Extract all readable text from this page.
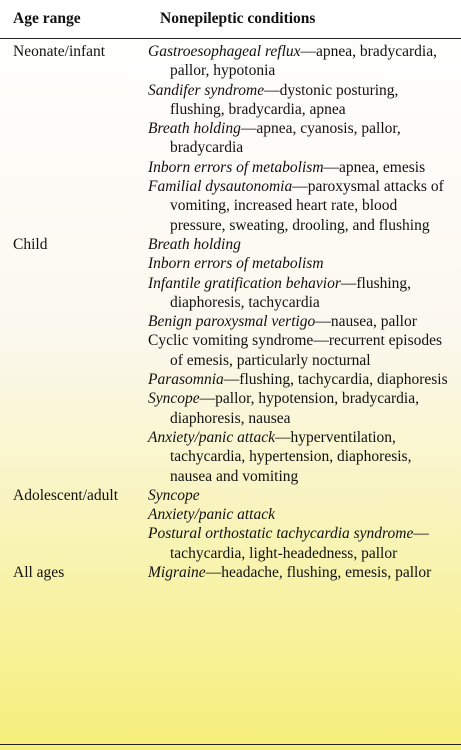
Age range	Nonepileptic conditions
Neonate/infant	Gastroesophageal reflux—apnea, bradycardia, pallor, hypotonia
Sandifer syndrome—dystonic posturing, flushing, bradycardia, apnea
Breath holding—apnea, cyanosis, pallor, bradycardia
Inborn errors of metabolism—apnea, emesis
Familial dysautonomia—paroxysmal attacks of vomiting, increased heart rate, blood pressure, sweating, drooling, and flushing
Child	Breath holding
Inborn errors of metabolism
Infantile gratification behavior—flushing, diaphoresis, tachycardia
Benign paroxysmal vertigo—nausea, pallor
Cyclic vomiting syndrome—recurrent episodes of emesis, particularly nocturnal
Parasomnia—flushing, tachycardia, diaphoresis
Syncope—pallor, hypotension, bradycardia, diaphoresis, nausea
Anxiety/panic attack—hyperventilation, tachycardia, hypertension, diaphoresis, nausea and vomiting
Adolescent/adult	Syncope
Anxiety/panic attack
Postural orthostatic tachycardia syndrome—tachycardia, light-headedness, pallor
All ages	Migraine—headache, flushing, emesis, pallor
